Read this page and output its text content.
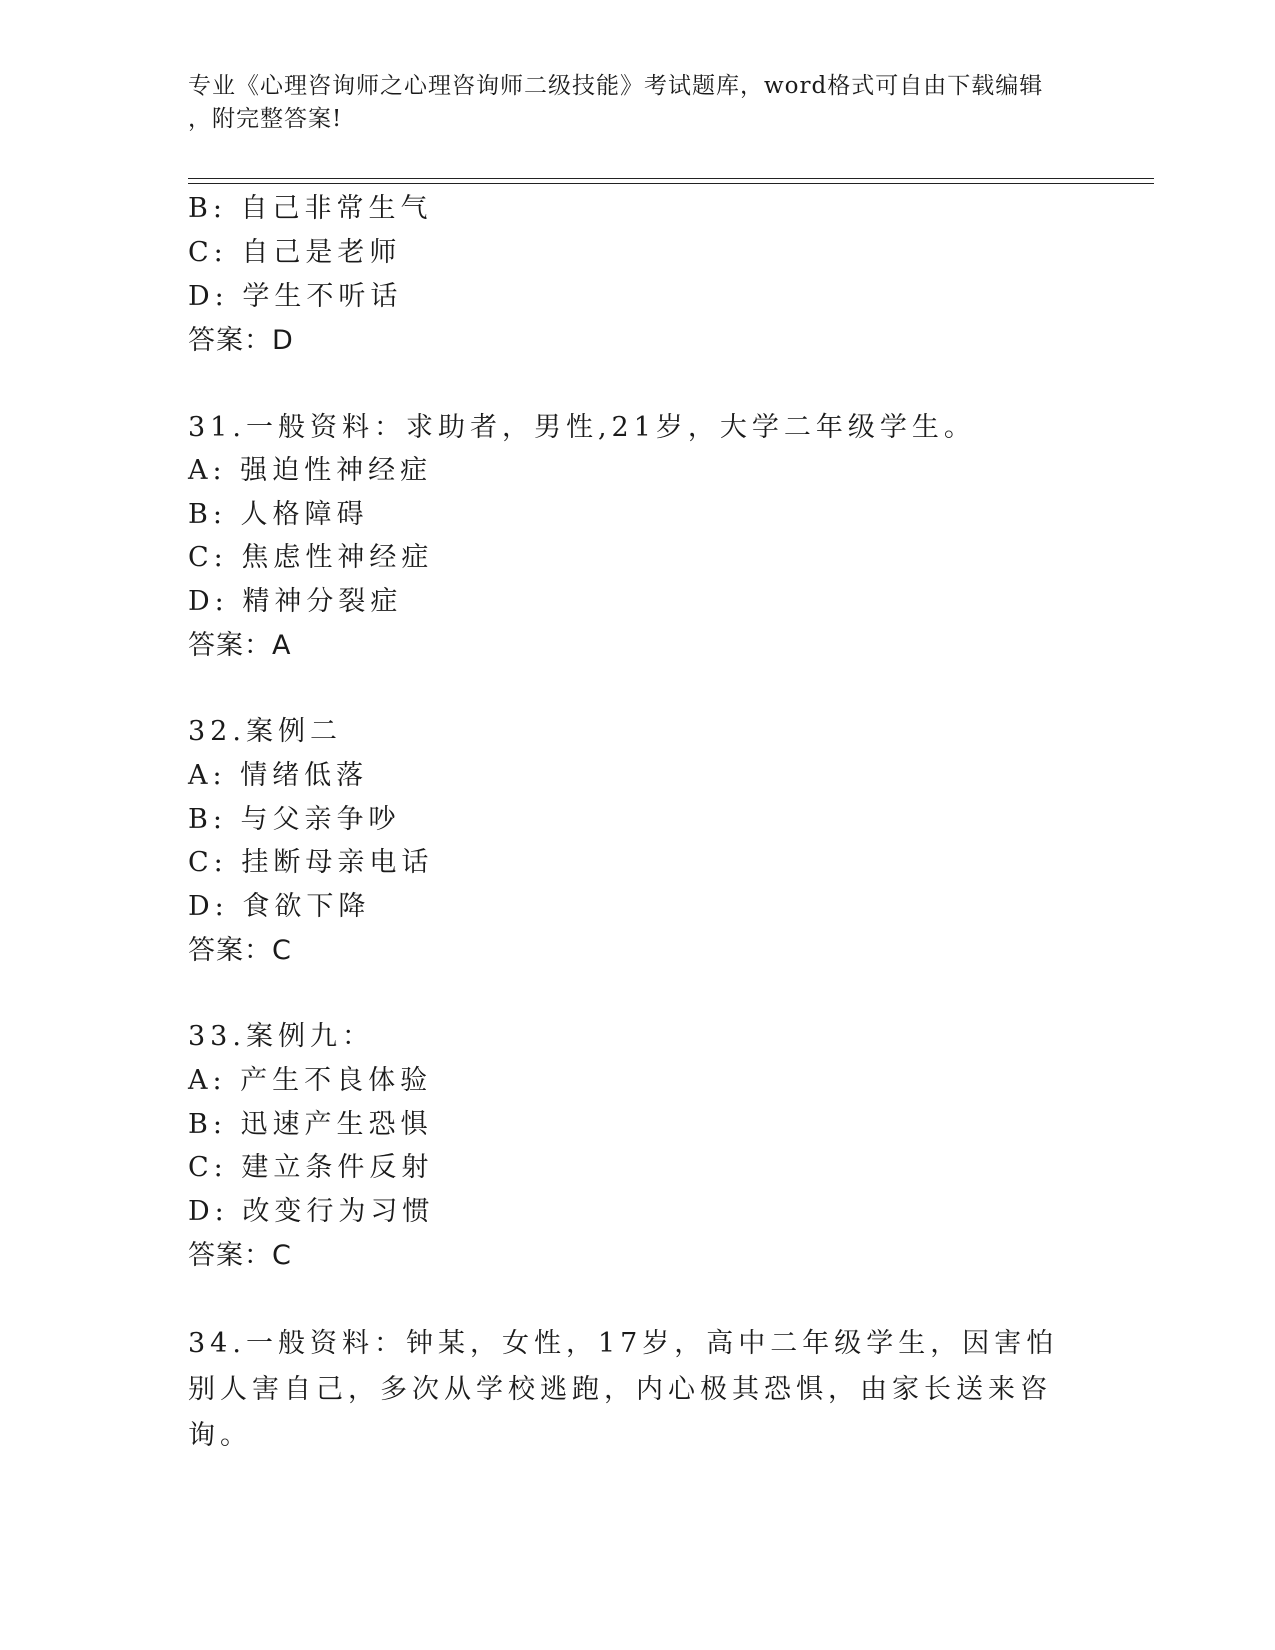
专业《心理咨询师之心理咨询师二级技能》考试题库，word格式可自由下载编辑
，附完整答案!
B: 自己非常生气
C: 自己是老师
D: 学生不听话
答案：D
31.一般资料：求助者，男性,21岁，大学二年级学生。
A: 强迫性神经症
B: 人格障碍
C: 焦虑性神经症
D: 精神分裂症
答案：A
32.案例二
A: 情绪低落
B: 与父亲争吵
C: 挂断母亲电话
D: 食欲下降
答案：C
33.案例九：
A: 产生不良体验
B: 迅速产生恐惧
C: 建立条件反射
D: 改变行为习惯
答案：C
34.一般资料：钟某，女性，17岁，高中二年级学生，因害怕别人害自己，多次从学校逃跑，内心极其恐惧，由家长送来咨询。
